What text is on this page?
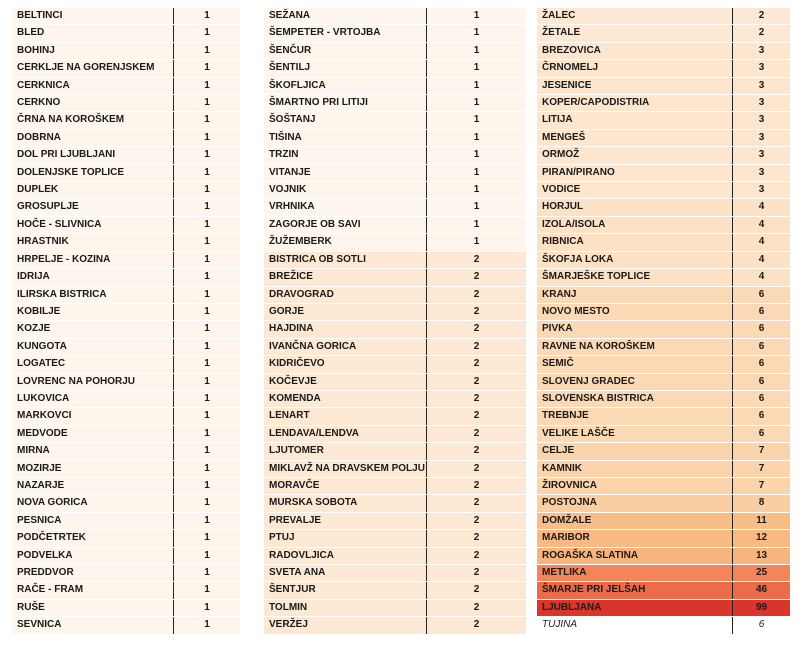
BELTINCI	1
BLED	1
BOHINJ	1
CERKLJE NA GORENJSKEM	1
CERKNICA	1
CERKNO	1
ČRNA NA KOROŠKEM	1
DOBRNA	1
DOL PRI LJUBLJANI	1
DOLENJSKE TOPLICE	1
DUPLEK	1
GROSUPLJE	1
HOČE - SLIVNICA	1
HRASTNIK	1
HRPELJE - KOZINA	1
IDRIJA	1
ILIRSKA BISTRICA	1
KOBILJE	1
KOZJE	1
KUNGOTA	1
LOGATEC	1
LOVRENC NA POHORJU	1
LUKOVICA	1
MARKOVCI	1
MEDVODE	1
MIRNA	1
MOZIRJE	1
NAZARJE	1
NOVA GORICA	1
PESNICA	1
PODČETRTEK	1
PODVELKA	1
PREDDVOR	1
RAČE - FRAM	1
RUŠE	1
SEVNICA	1
SEŽANA	1
ŠEMPETER - VRTOJBA	1
ŠENČUR	1
ŠENTILJ	1
ŠKOFLJICA	1
ŠMARTNO PRI LITIJI	1
ŠOŠTANJ	1
TIŠINA	1
TRZIN	1
VITANJE	1
VOJNIK	1
VRHNIKA	1
ZAGORJE OB SAVI	1
ŽUŽEMBERK	1
BISTRICA OB SOTLI	2
BREŽICE	2
DRAVOGRAD	2
GORJE	2
HAJDINA	2
IVANČNA GORICA	2
KIDRIČEVO	2
KOČEVJE	2
KOMENDA	2
LENART	2
LENDAVA/LENDVA	2
LJUTOMER	2
MIKLAVŽ NA DRAVSKEM POLJU	2
MORAVČE	2
MURSKA SOBOTA	2
PREVALJE	2
PTUJ	2
RADOVLJICA	2
SVETA ANA	2
ŠENTJUR	2
TOLMIN	2
VERŽEJ	2
ŽALEC	2
ŽETALE	2
BREZOVICA	3
ČRNOMELJ	3
JESENICE	3
KOPER/CAPODISTRIA	3
LITIJA	3
MENGEŠ	3
ORMOŽ	3
PIRAN/PIRANO	3
VODICE	3
HORJUL	4
IZOLA/ISOLA	4
RIBNICA	4
ŠKOFJA LOKA	4
ŠMARJEŠKE TOPLICE	4
KRANJ	6
NOVO MESTO	6
PIVKA	6
RAVNE NA KOROŠKEM	6
SEMIČ	6
SLOVENJ GRADEC	6
SLOVENSKA BISTRICA	6
TREBNJE	6
VELIKE LAŠČE	6
CELJE	7
KAMNIK	7
ŽIROVNICA	7
POSTOJNA	8
DOMŽALE	11
MARIBOR	12
ROGAŠKA SLATINA	13
METLIKA	25
ŠMARJE PRI JELŠAH	46
LJUBLJANA	99
TUJINA	6
